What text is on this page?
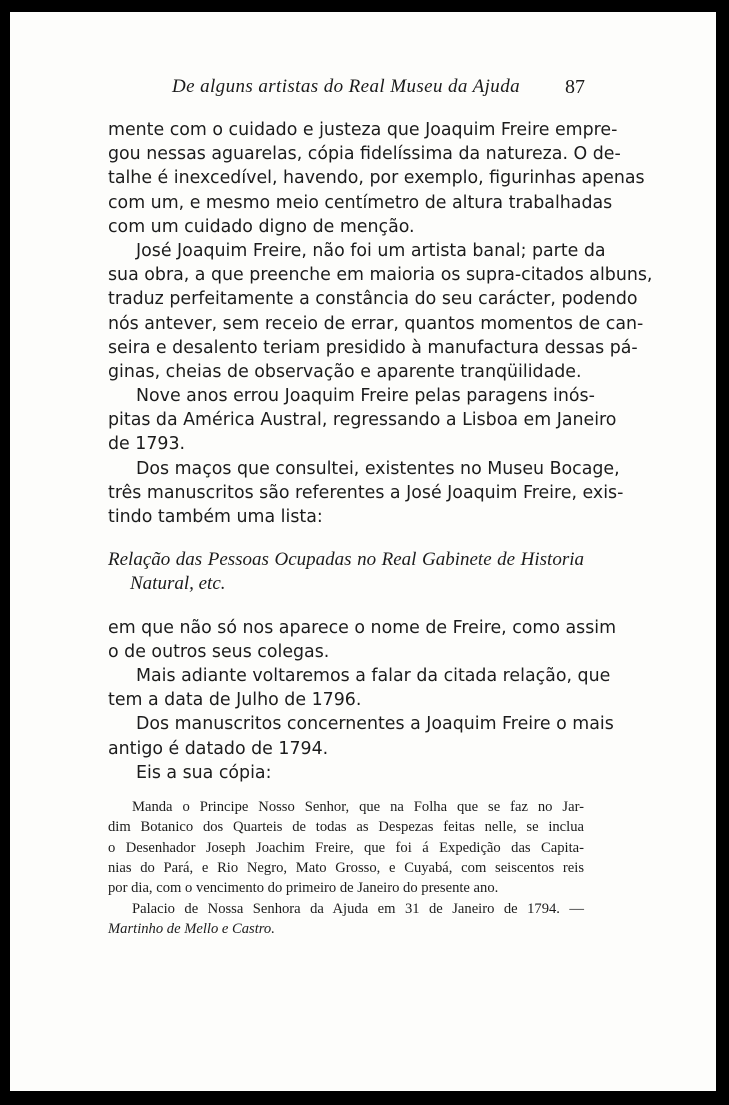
De alguns artistas do Real Museu da Ajuda 87
mente com o cuidado e justeza que Joaquim Freire empre-
gou nessas aguarelas, cópia fidelíssima da natureza. O de-
talhe é inexcedível, havendo, por exemplo, figurinhas apenas
com um, e mesmo meio centímetro de altura trabalhadas
com um cuidado digno de menção.
José Joaquim Freire, não foi um artista banal; parte da
sua obra, a que preenche em maioria os supra-citados albuns,
traduz perfeitamente a constância do seu carácter, podendo
nós antever, sem receio de errar, quantos momentos de can-
seira e desalento teriam presidido à manufactura dessas pá-
ginas, cheias de observação e aparente tranqüilidade.
Nove anos errou Joaquim Freire pelas paragens inós-
pitas da América Austral, regressando a Lisboa em Janeiro
de 1793.
Dos maços que consultei, existentes no Museu Bocage,
três manuscritos são referentes a José Joaquim Freire, exis-
tindo também uma lista:
Relação das Pessoas Ocupadas no Real Gabinete de Historia
Natural, etc.
em que não só nos aparece o nome de Freire, como assim
o de outros seus colegas.
Mais adiante voltaremos a falar da citada relação, que
tem a data de Julho de 1796.
Dos manuscritos concernentes a Joaquim Freire o mais
antigo é datado de 1794.
Eis a sua cópia:
Manda o Principe Nosso Senhor, que na Folha que se faz no Jar-
dim Botanico dos Quarteis de todas as Despezas feitas nelle, se inclua
o Desenhador Joseph Joachim Freire, que foi á Expedição das Capita-
nias do Pará, e Rio Negro, Mato Grosso, e Cuyabá, com seiscentos reis
por dia, com o vencimento do primeiro de Janeiro do presente ano.
Palacio de Nossa Senhora da Ajuda em 31 de Janeiro de 1794. —
Martinho de Mello e Castro.
